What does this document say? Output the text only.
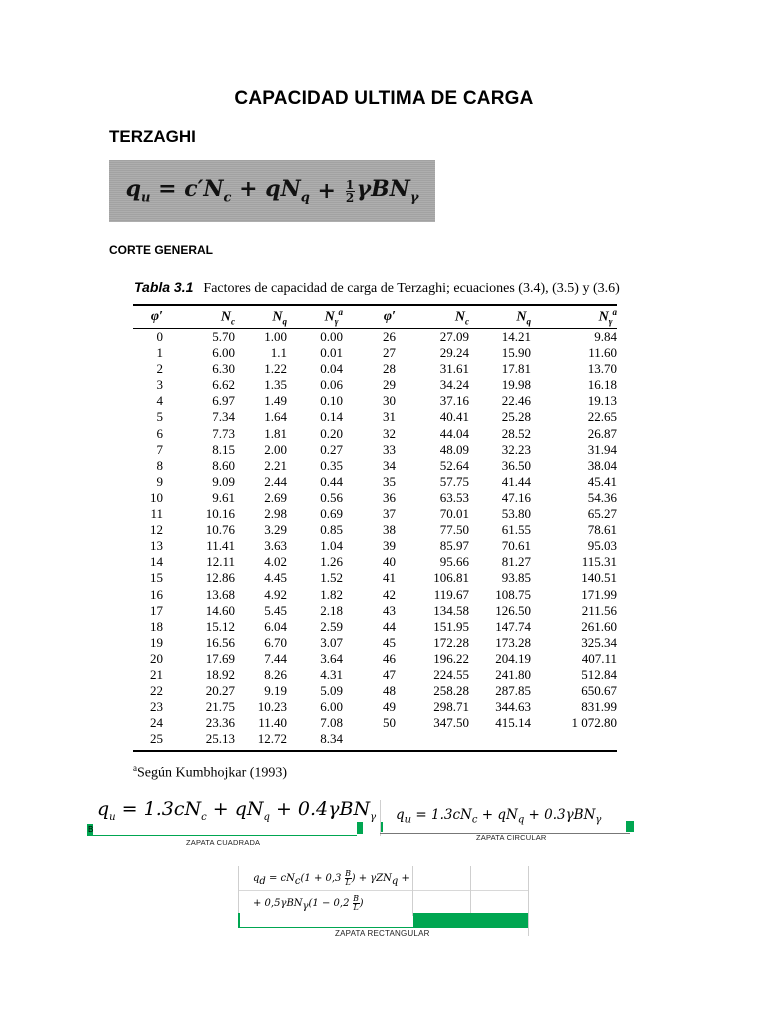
CAPACIDAD ULTIMA DE CARGA
TERZAGHI
$q_u$
= $c'N_c$
+ $qN_q$
+
$\frac{1}{2} \gamma BN_\gamma$
CORTE GENERAL
Tabla 3.1 Factores de capacidad de carga de Terzaghi; ecuaciones (3.4), (3.5) y (3.6)
φ′	$N_c$	$N_q$	$N_\gamma^a$	φ′	$N_c$	$N_q$	$N_\gamma^a$
0	5.70	1.00	0.00	26	27.09	14.21	9.84
1	6.00	1.1	0.01	27	29.24	15.90	11.60
2	6.30	1.22	0.04	28	31.61	17.81	13.70
3	6.62	1.35	0.06	29	34.24	19.98	16.18
4	6.97	1.49	0.10	30	37.16	22.46	19.13
5	7.34	1.64	0.14	31	40.41	25.28	22.65
6	7.73	1.81	0.20	32	44.04	28.52	26.87
7	8.15	2.00	0.27	33	48.09	32.23	31.94
8	8.60	2.21	0.35	34	52.64	36.50	38.04
9	9.09	2.44	0.44	35	57.75	41.44	45.41
10	9.61	2.69	0.56	36	63.53	47.16	54.36
11	10.16	2.98	0.69	37	70.01	53.80	65.27
12	10.76	3.29	0.85	38	77.50	61.55	78.61
13	11.41	3.63	1.04	39	85.97	70.61	95.03
14	12.11	4.02	1.26	40	95.66	81.27	115.31
15	12.86	4.45	1.52	41	106.81	93.85	140.51
16	13.68	4.92	1.82	42	119.67	108.75	171.99
17	14.60	5.45	2.18	43	134.58	126.50	211.56
18	15.12	6.04	2.59	44	151.95	147.74	261.60
19	16.56	6.70	3.07	45	172.28	173.28	325.34
20	17.69	7.44	3.64	46	196.22	204.19	407.11
21	18.92	8.26	4.31	47	224.55	241.80	512.84
22	20.27	9.19	5.09	48	258.28	287.85	650.67
23	21.75	10.23	6.00	49	298.71	344.63	831.99
24	23.36	11.40	7.08	50	347.50	415.14	1 072.80
25	25.13	12.72	8.34				
$^a$Según Kumbhojkar (1993)
$q_u = 1.3cN_c + qN_q + 0.4\gamma BN_\gamma$
B
ZAPATA CUADRADA
$q_u = 1.3cN_c + qN_q + 0.3\gamma BN_\gamma$
ZAPATA CIRCULAR
$q_d = cN_c(1 + 0,3 \frac{B}{L}$ ) + γZN$_q$ +
+ $0,5\gamma BN_\gamma(1 - 0,2 \frac{B}{L}$ )
ZAPATA RECTANGULAR
